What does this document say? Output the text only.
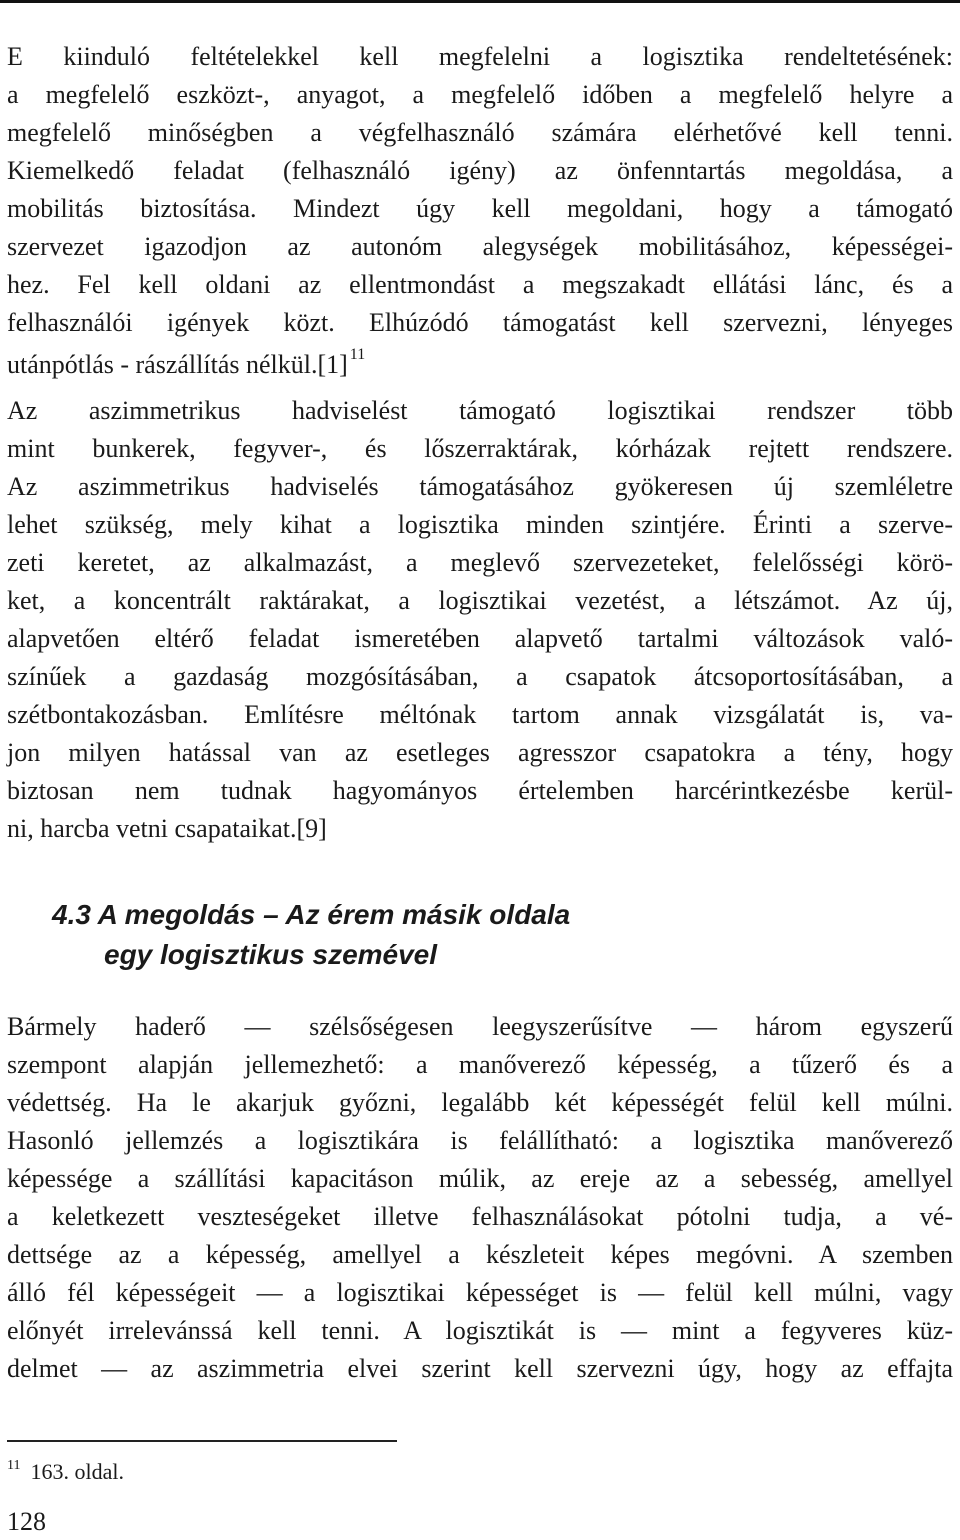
E kiinduló feltételekkel kell megfelelni a logisztika rendeltetésének:
a megfelelő eszközt-, anyagot, a megfelelő időben a megfelelő helyre a
megfelelő minőségben a végfelhasználó számára elérhetővé kell tenni.
Kiemelkedő feladat (felhasználó igény) az önfenntartás megoldása, a
mobilitás biztosítása. Mindezt úgy kell megoldani, hogy a támogató
szervezet igazodjon az autonóm alegységek mobilitásához, képességei-
hez. Fel kell oldani az ellentmondást a megszakadt ellátási lánc, és a
felhasználói igények közt. Elhúzódó támogatást kell szervezni, lényeges
utánpótlás - rászállítás nélkül.[1] $^{11}$
Az aszimmetrikus hadviselést támogató logisztikai rendszer több
mint bunkerek, fegyver-, és lőszerraktárak, kórházak rejtett rendszere.
Az aszimmetrikus hadviselés támogatásához gyökeresen új szemléletre
lehet szükség, mely kihat a logisztika minden szintjére. Érinti a szerve-
zeti keretet, az alkalmazást, a meglevő szervezeteket, felelősségi körö-
ket, a koncentrált raktárakat, a logisztikai vezetést, a létszámot. Az új,
alapvetően eltérő feladat ismeretében alapvető tartalmi változások való-
színűek a gazdaság mozgósításában, a csapatok átcsoportosításában, a
szétbontakozásban. Említésre méltónak tartom annak vizsgálatát is, va-
jon milyen hatással van az esetleges agresszor csapatokra a tény, hogy
biztosan nem tudnak hagyományos értelemben harcérintkezésbe kerül-
ni, harcba vetni csapataikat.[9]
4.3 A megoldás – Az érem másik oldala
egy logisztikus szemével
Bármely haderő — szélsőségesen leegyszerűsítve — három egyszerű
szempont alapján jellemezhető: a manőverező képesség, a tűzerő és a
védettség. Ha le akarjuk győzni, legalább két képességét felül kell múlni.
Hasonló jellemzés a logisztikára is felállítható: a logisztika manőverező
képessége a szállítási kapacitáson múlik, az ereje az a sebesség, amellyel
a keletkezett veszteségeket illetve felhasználásokat pótolni tudja, a vé-
dettsége az a képesség, amellyel a készleteit képes megóvni. A szemben
álló fél képességeit — a logisztikai képességet is — felül kell múlni, vagy
előnyét irrelevánssá kell tenni. A logisztikát is — mint a fegyveres küz-
delmet — az aszimmetria elvei szerint kell szervezni úgy, hogy az effajta
$^{11}$ 163. oldal.
128
